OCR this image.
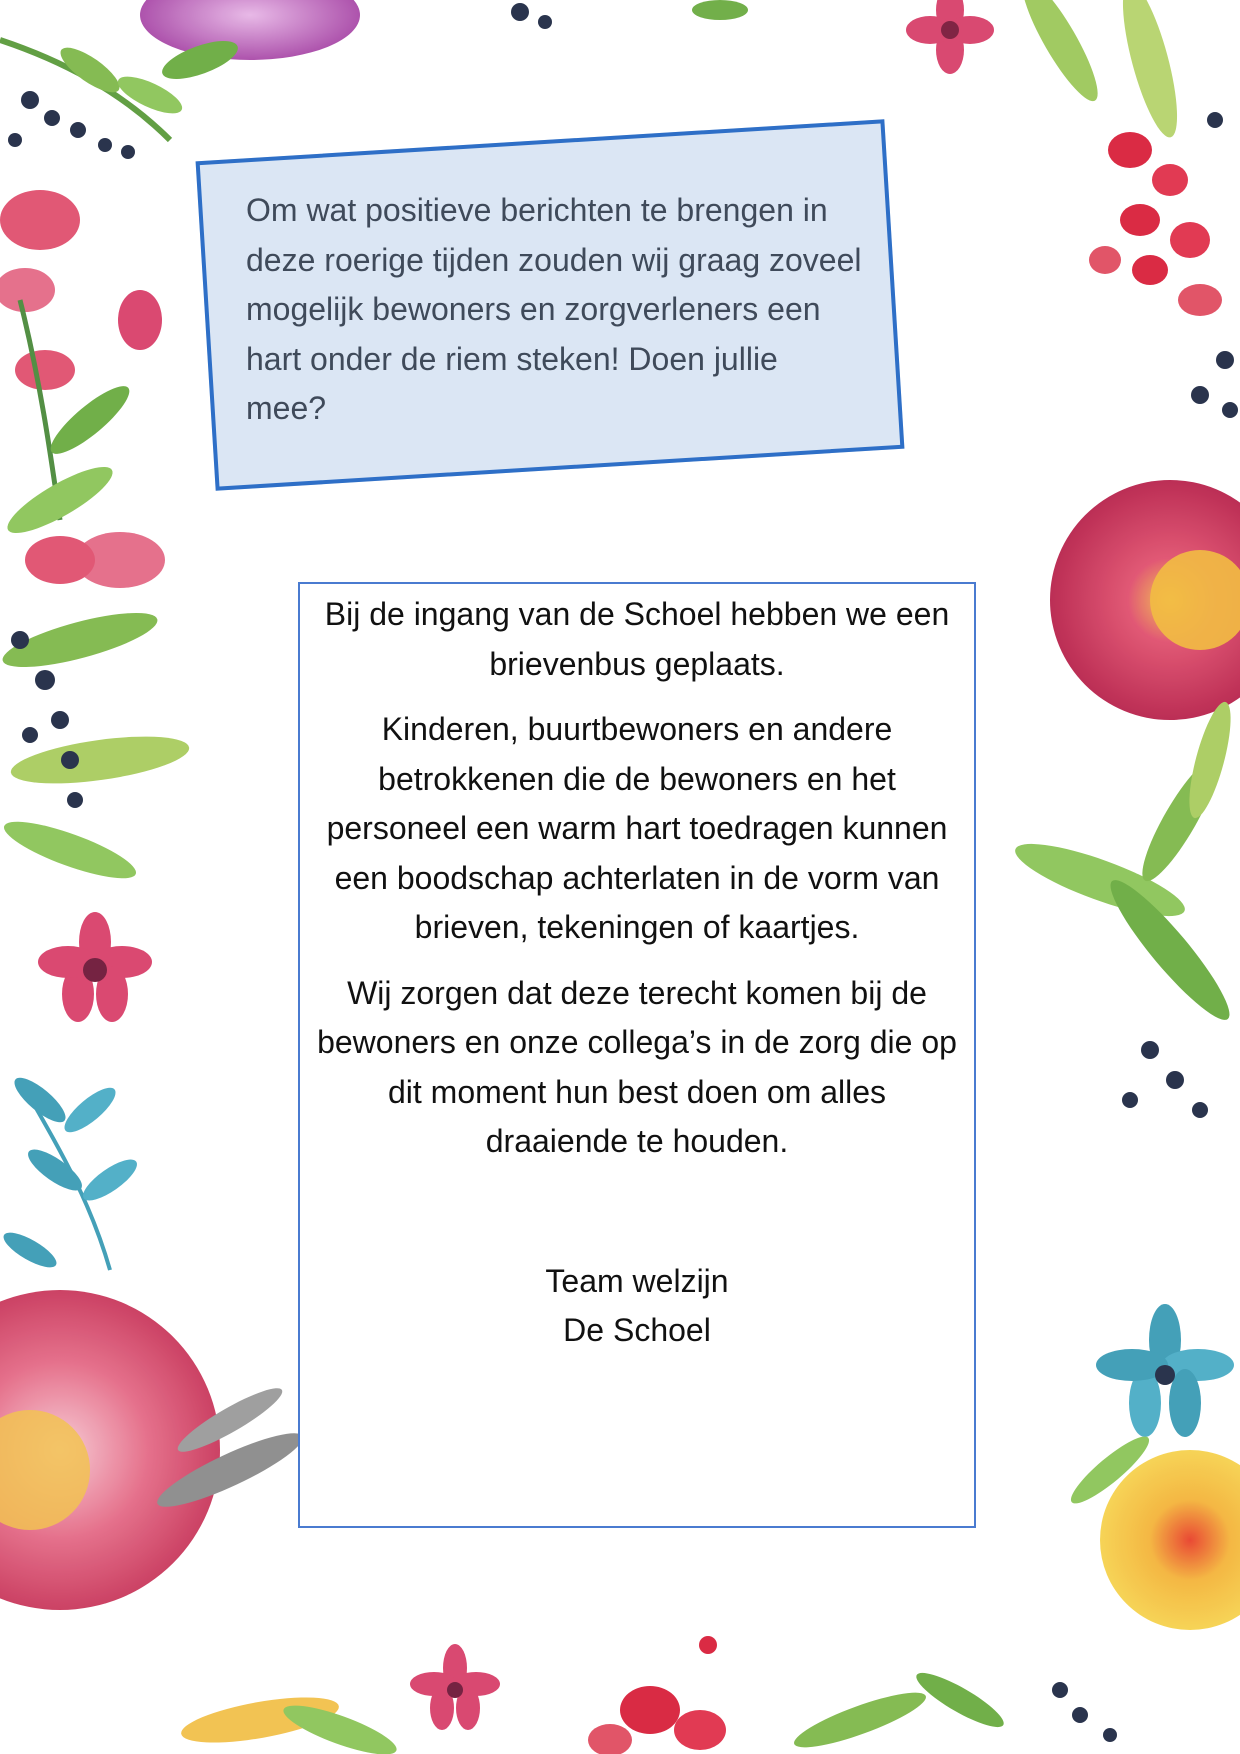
Om wat positieve berichten te brengen in deze roerige tijden zouden wij graag zoveel mogelijk bewoners en zorgverleners een hart onder de riem steken! Doen jullie mee?

Bij de ingang van de Schoel hebben we een brievenbus geplaats.

Kinderen, buurtbewoners en andere betrokkenen die de bewoners en het personeel een warm hart toedragen kunnen een boodschap achterlaten in de vorm van brieven, tekeningen of kaartjes.

Wij zorgen dat deze terecht komen bij de bewoners en onze collega’s in de zorg die op dit moment hun best doen om alles draaiende te houden.

Team welzijn
De Schoel
